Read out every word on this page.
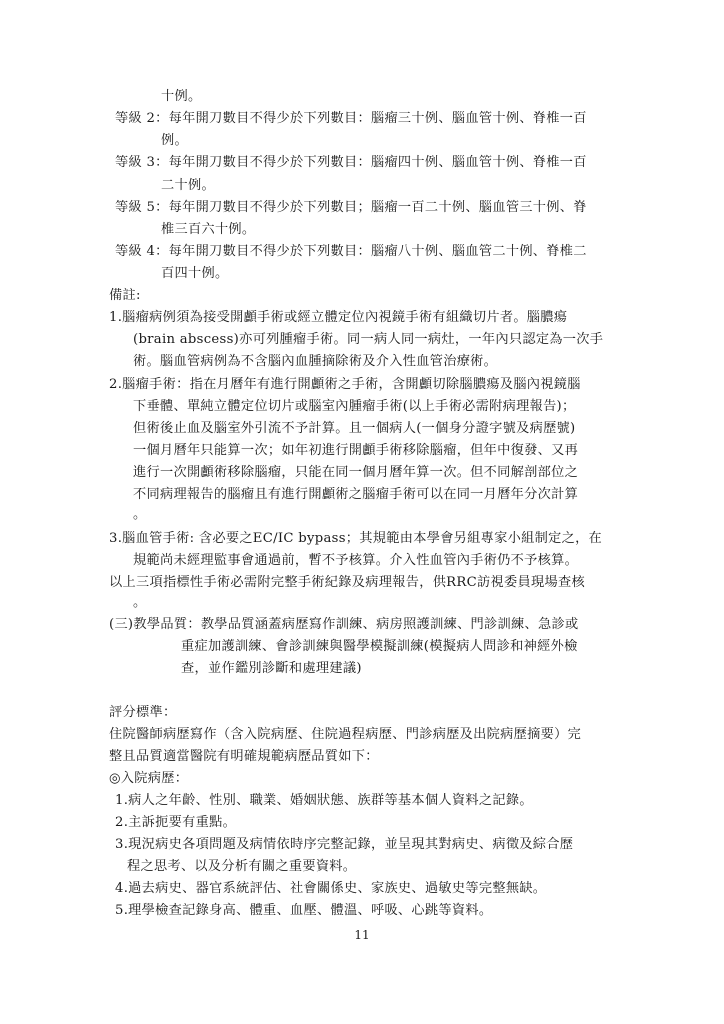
十例。
等級 2：每年開刀數目不得少於下列數目：腦瘤三十例、腦血管十例、脊椎一百
例。
等級 3：每年開刀數目不得少於下列數目：腦瘤四十例、腦血管十例、脊椎一百
二十例。
等級 5：每年開刀數目不得少於下列數目；腦瘤一百二十例、腦血管三十例、脊
椎三百六十例。
等級 4：每年開刀數目不得少於下列數目：腦瘤八十例、腦血管二十例、脊椎二
百四十例。
備註:
1.腦瘤病例須為接受開顱手術或經立體定位內視鏡手術有組織切片者。腦膿瘍
(brain abscess)亦可列腫瘤手術。同一病人同一病灶，一年內只認定為一次手
術。腦血管病例為不含腦內血腫摘除術及介入性血管治療術。
2.腦瘤手術：指在月曆年有進行開顱術之手術，含開顱切除腦膿瘍及腦內視鏡腦
下垂體、單純立體定位切片或腦室內腫瘤手術(以上手術必需附病理報告)；
但術後止血及腦室外引流不予計算。且一個病人(一個身分證字號及病歷號)
一個月曆年只能算一次；如年初進行開顱手術移除腦瘤，但年中復發、又再
進行一次開顱術移除腦瘤，只能在同一個月曆年算一次。但不同解剖部位之
不同病理報告的腦瘤且有進行開顱術之腦瘤手術可以在同一月曆年分次計算
。
3.腦血管手術: 含必要之EC/IC bypass；其規範由本學會另組專家小組制定之，在
規範尚未經理監事會通過前，暫不予核算。介入性血管內手術仍不予核算。
以上三項指標性手術必需附完整手術紀錄及病理報告，供RRC訪視委員現場查核
。
(三)教學品質：教學品質涵蓋病歷寫作訓練、病房照護訓練、門診訓練、急診或
重症加護訓練、會診訓練與醫學模擬訓練(模擬病人問診和神經外檢
查，並作鑑別診斷和處理建議)
評分標準：
住院醫師病歷寫作（含入院病歷、住院過程病歷、門診病歷及出院病歷摘要）完
整且品質適當醫院有明確規範病歷品質如下：
◎入院病歷：
1.病人之年齡、性別、職業、婚姻狀態、族群等基本個人資料之記錄。
2.主訴扼要有重點。
3.現況病史各項問題及病情依時序完整記錄，並呈現其對病史、病徵及綜合歷
程之思考、以及分析有關之重要資料。
4.過去病史、器官系統評估、社會關係史、家族史、過敏史等完整無缺。
5.理學檢查記錄身高、體重、血壓、體溫、呼吸、心跳等資料。
11
